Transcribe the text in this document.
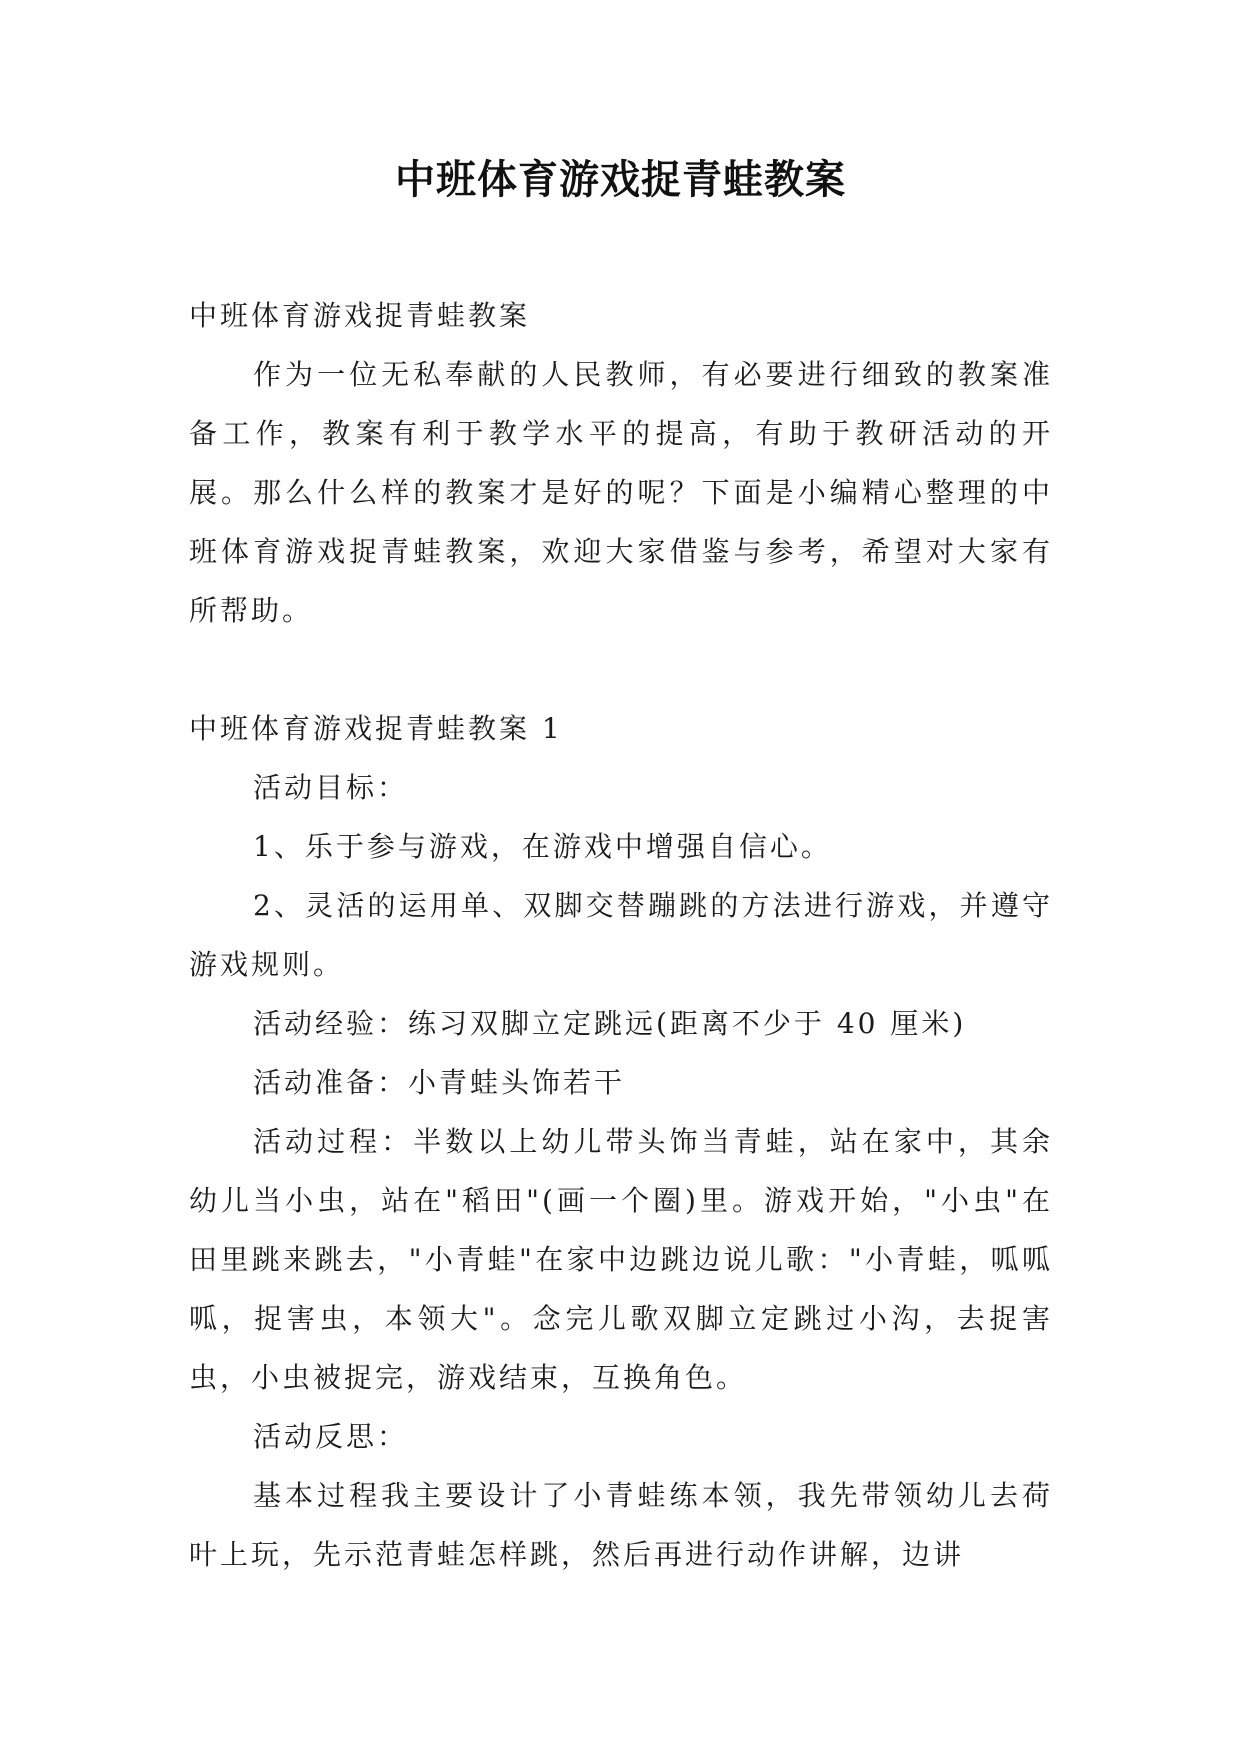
中班体育游戏捉青蛙教案

中班体育游戏捉青蛙教案

作为一位无私奉献的人民教师，有必要进行细致的教案准备工作，教案有利于教学水平的提高，有助于教研活动的开展。那么什么样的教案才是好的呢？下面是小编精心整理的中班体育游戏捉青蛙教案，欢迎大家借鉴与参考，希望对大家有所帮助。

中班体育游戏捉青蛙教案 1

活动目标：

1、乐于参与游戏，在游戏中增强自信心。

2、灵活的运用单、双脚交替蹦跳的方法进行游戏，并遵守游戏规则。

活动经验：练习双脚立定跳远(距离不少于 40 厘米)

活动准备：小青蛙头饰若干

活动过程：半数以上幼儿带头饰当青蛙，站在家中，其余幼儿当小虫，站在"稻田"(画一个圈)里。游戏开始，"小虫"在田里跳来跳去，"小青蛙"在家中边跳边说儿歌："小青蛙，呱呱呱，捉害虫，本领大"。念完儿歌双脚立定跳过小沟，去捉害虫，小虫被捉完，游戏结束，互换角色。

活动反思：

基本过程我主要设计了小青蛙练本领，我先带领幼儿去荷叶上玩，先示范青蛙怎样跳，然后再进行动作讲解，边讲
